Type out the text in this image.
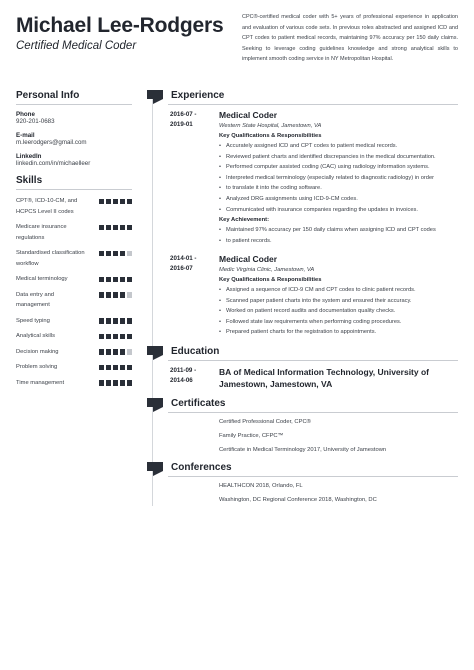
Michael Lee-Rodgers
Certified Medical Coder
CPC®-certified medical coder with 5+ years of professional experience in application and evaluation of various code sets. In previous roles abstracted and assigned ICD and CPT codes to patient medical records, maintaining 97% accuracy per 150 daily claims. Seeking to leverage coding guidelines knowledge and strong analytical skills to implement smooth coding service in NY Metropolitan Hospital.
Personal Info
Phone
920-201-0683
E-mail
m.leerodgers@gmail.com
LinkedIn
linkedin.com/in/michaelleer
Skills
CPT®, ICD-10-CM, and HCPCS Level II codes
Medicare insurance regulations
Standardised classification workflow
Medical terminology
Data entry and management
Speed typing
Analytical skills
Decision making
Problem solving
Time management
Experience
2016-07 -
2019-01
Medical Coder
Western State Hospital, Jamestown, VA
Key Qualifications & Responsibilities
• Accurately assigned ICD and CPT codes to patient medical records.
• Reviewed patient charts and identified discrepancies in the medical documentation.
• Performed computer assisted coding (CAC) using radiology information systems.
• Interpreted medical terminology (especially related to diagnostic radiology) in order
• to translate it into the coding software.
• Analyzed DRG assignments using ICD-9-CM codes.
• Communicated with insurance companies regarding the updates in invoices.
Key Achievement:
• Maintained 97% accuracy per 150 daily claims when assigning ICD and CPT codes
• to patient records.
2014-01 -
2016-07
Medical Coder
Medic Virginia Clinic, Jamestown, VA
Key Qualifications & Responsibilities
• Assigned a sequence of ICD-9 CM and CPT codes to clinic patient records.
• Scanned paper patient charts into the system and ensured their accuracy.
• Worked on patient record audits and documentation quality checks.
• Followed state law requirements when performing coding procedures.
• Prepared patient charts for the registration to appointments.
Education
2011-09 -
2014-06
BA of Medical Information Technology, University of
Jamestown, Jamestown, VA
Certificates
Certified Professional Coder, CPC®
Family Practice, CFPC™
Certificate in Medical Terminology 2017, University of Jamestown
Conferences
HEALTHCON 2018, Orlando, FL
Washington, DC Regional Conference 2018, Washington, DC
